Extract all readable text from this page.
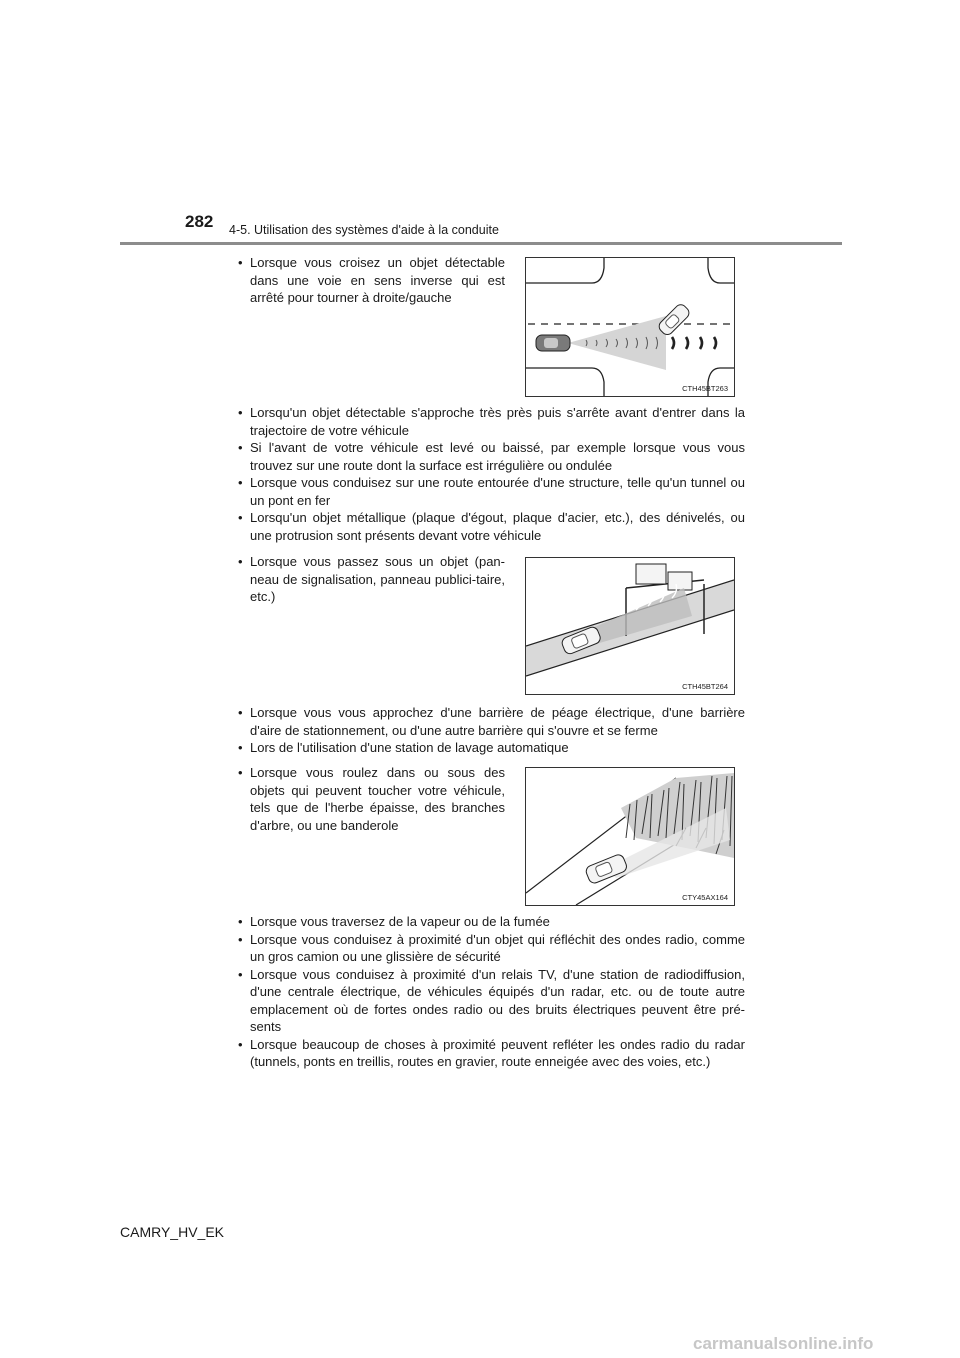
282 4-5. Utilisation des systèmes d'aide à la conduite
• Lorsque vous croisez un objet détectable dans une voie en sens inverse qui est arrêté pour tourner à droite/gauche
CTH45BT263
• Lorsqu'un objet détectable s'approche très près puis s'arrête avant d'entrer dans la trajectoire de votre véhicule
• Si l'avant de votre véhicule est levé ou baissé, par exemple lorsque vous vous trouvez sur une route dont la surface est irrégulière ou ondulée
• Lorsque vous conduisez sur une route entourée d'une structure, telle qu'un tunnel ou un pont en fer
• Lorsqu'un objet métallique (plaque d'égout, plaque d'acier, etc.), des dénivelés, ou une protrusion sont présents devant votre véhicule
• Lorsque vous passez sous un objet (pan-neau de signalisation, panneau publici-taire, etc.)
CTH45BT264
• Lorsque vous vous approchez d'une barrière de péage électrique, d'une barrière d'aire de stationnement, ou d'une autre barrière qui s'ouvre et se ferme
• Lors de l'utilisation d'une station de lavage automatique
• Lorsque vous roulez dans ou sous des objets qui peuvent toucher votre véhicule, tels que de l'herbe épaisse, des branches d'arbre, ou une banderole
CTY45AX164
• Lorsque vous traversez de la vapeur ou de la fumée
• Lorsque vous conduisez à proximité d'un objet qui réfléchit des ondes radio, comme un gros camion ou une glissière de sécurité
• Lorsque vous conduisez à proximité d'un relais TV, d'une station de radiodiffusion, d'une centrale électrique, de véhicules équipés d'un radar, etc. ou de toute autre emplacement où de fortes ondes radio ou des bruits électriques peuvent être pré-sents
• Lorsque beaucoup de choses à proximité peuvent refléter les ondes radio du radar (tunnels, ponts en treillis, routes en gravier, route enneigée avec des voies, etc.)
CAMRY_HV_EK
carmanualsonline.info
